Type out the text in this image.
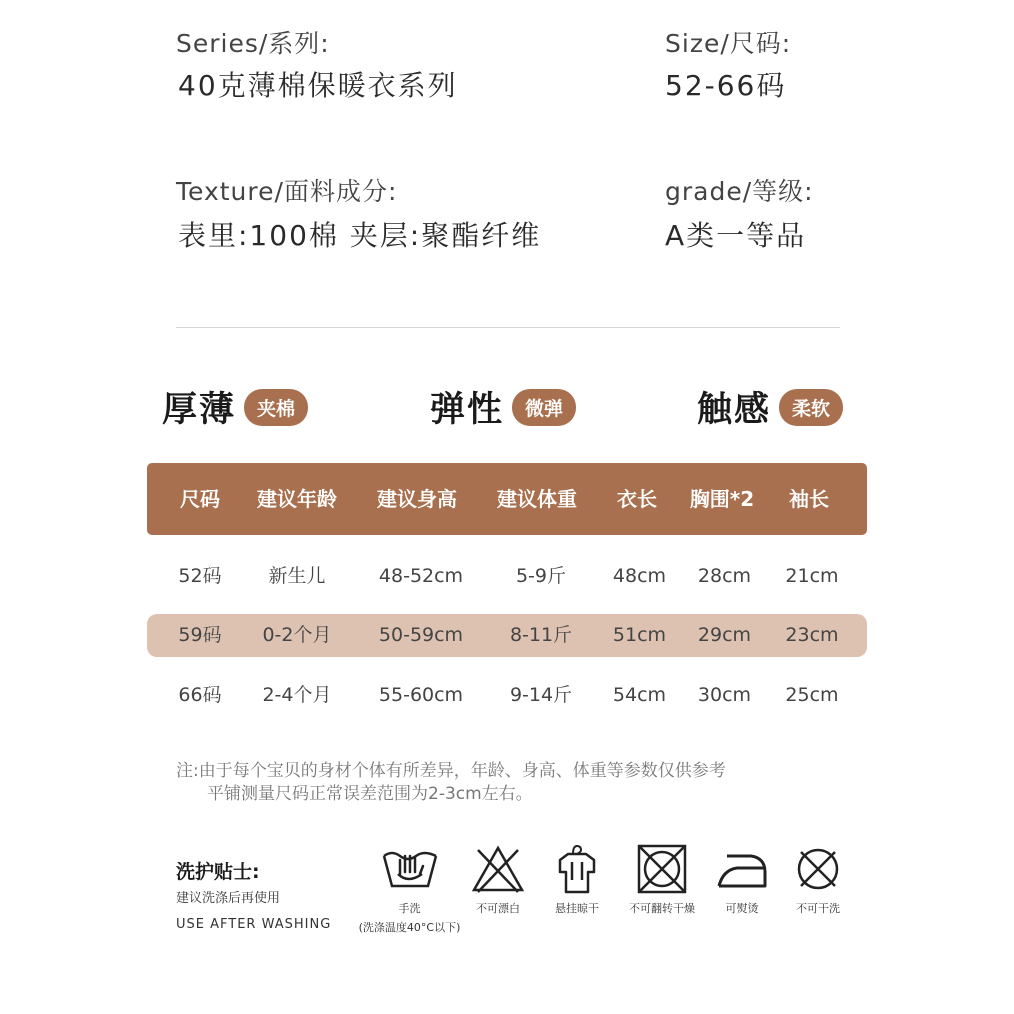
Series/系列:
40克薄棉保暖衣系列
Size/尺码:
52-66码
Texture/面料成分:
表里:100棉 夹层:聚酯纤维
grade/等级:
A类一等品
厚薄	夹棉	弹性	微弹	触感	柔软
尺码	建议年龄	建议身高	建议体重	衣长	胸围*2	袖长
52码	新生儿	48-52cm	5-9斤	48cm	28cm	21cm
59码	0-2个月	50-59cm	8-11斤	51cm	29cm	23cm
66码	2-4个月	55-60cm	9-14斤	54cm	30cm	25cm
注:由于每个宝贝的身材个体有所差异，年龄、身高、体重等参数仅供参考
平铺测量尺码正常误差范围为2-3cm左右。
洗护贴士:
建议洗涤后再使用
USE AFTER WASHING
手洗
(洗涤温度40°C以下)
不可漂白	悬挂晾干	不可翻转干燥	可熨烫	不可干洗
